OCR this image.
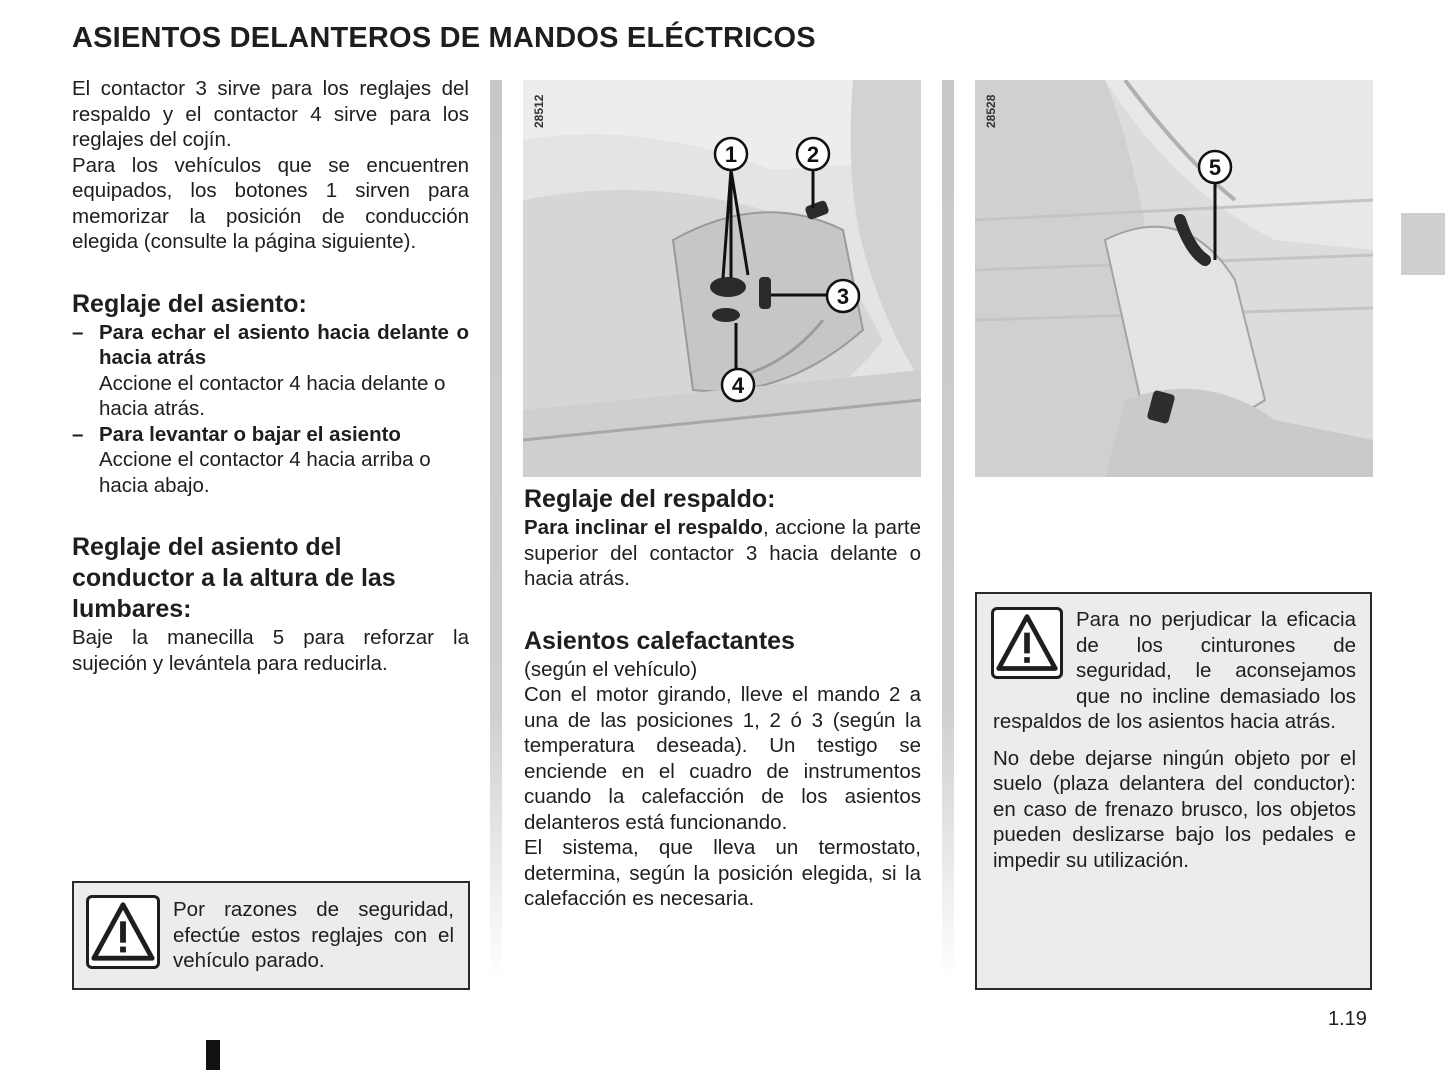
ASIENTOS DELANTEROS DE MANDOS ELÉCTRICOS

El contactor 3 sirve para los reglajes del respaldo y el contactor 4 sirve para los reglajes del cojín.

Para los vehículos que se encuentren equipados, los botones 1 sirven para memorizar la posición de conducción elegida (consulte la página siguiente).

Reglaje del asiento:
– Para echar el asiento hacia delante o hacia atrás

Accione el contactor 4 hacia delante o hacia atrás.

– Para levantar o bajar el asiento

Accione el contactor 4 hacia arriba o hacia abajo.

Reglaje del asiento del conductor a la altura de las lumbares:

Baje la manecilla 5 para reforzar la sujeción y levántela para reducirla.

Por razones de seguridad, efectúe estos reglajes con el vehículo parado.

1	2
3
4
28512
Reglaje del respaldo:

Para inclinar el respaldo, accione la parte superior del contactor 3 hacia delante o hacia atrás.

Asientos calefactantes

(según el vehículo)

Con el motor girando, lleve el mando 2 a una de las posiciones 1, 2 ó 3 (según la temperatura deseada). Un testigo se enciende en el cuadro de instrumentos cuando la calefacción de los asientos delanteros está funcionando.

El sistema, que lleva un termostato, determina, según la posición elegida, si la calefacción es necesaria.

5
28528

Para no perjudicar la eficacia de los cinturones de seguridad, le aconsejamos que no incline demasiado los respaldos de los asientos hacia atrás.

No debe dejarse ningún objeto por el suelo (plaza delantera del conductor): en caso de frenazo brusco, los objetos pueden deslizarse bajo los pedales e impedir su utilización.

1.19
